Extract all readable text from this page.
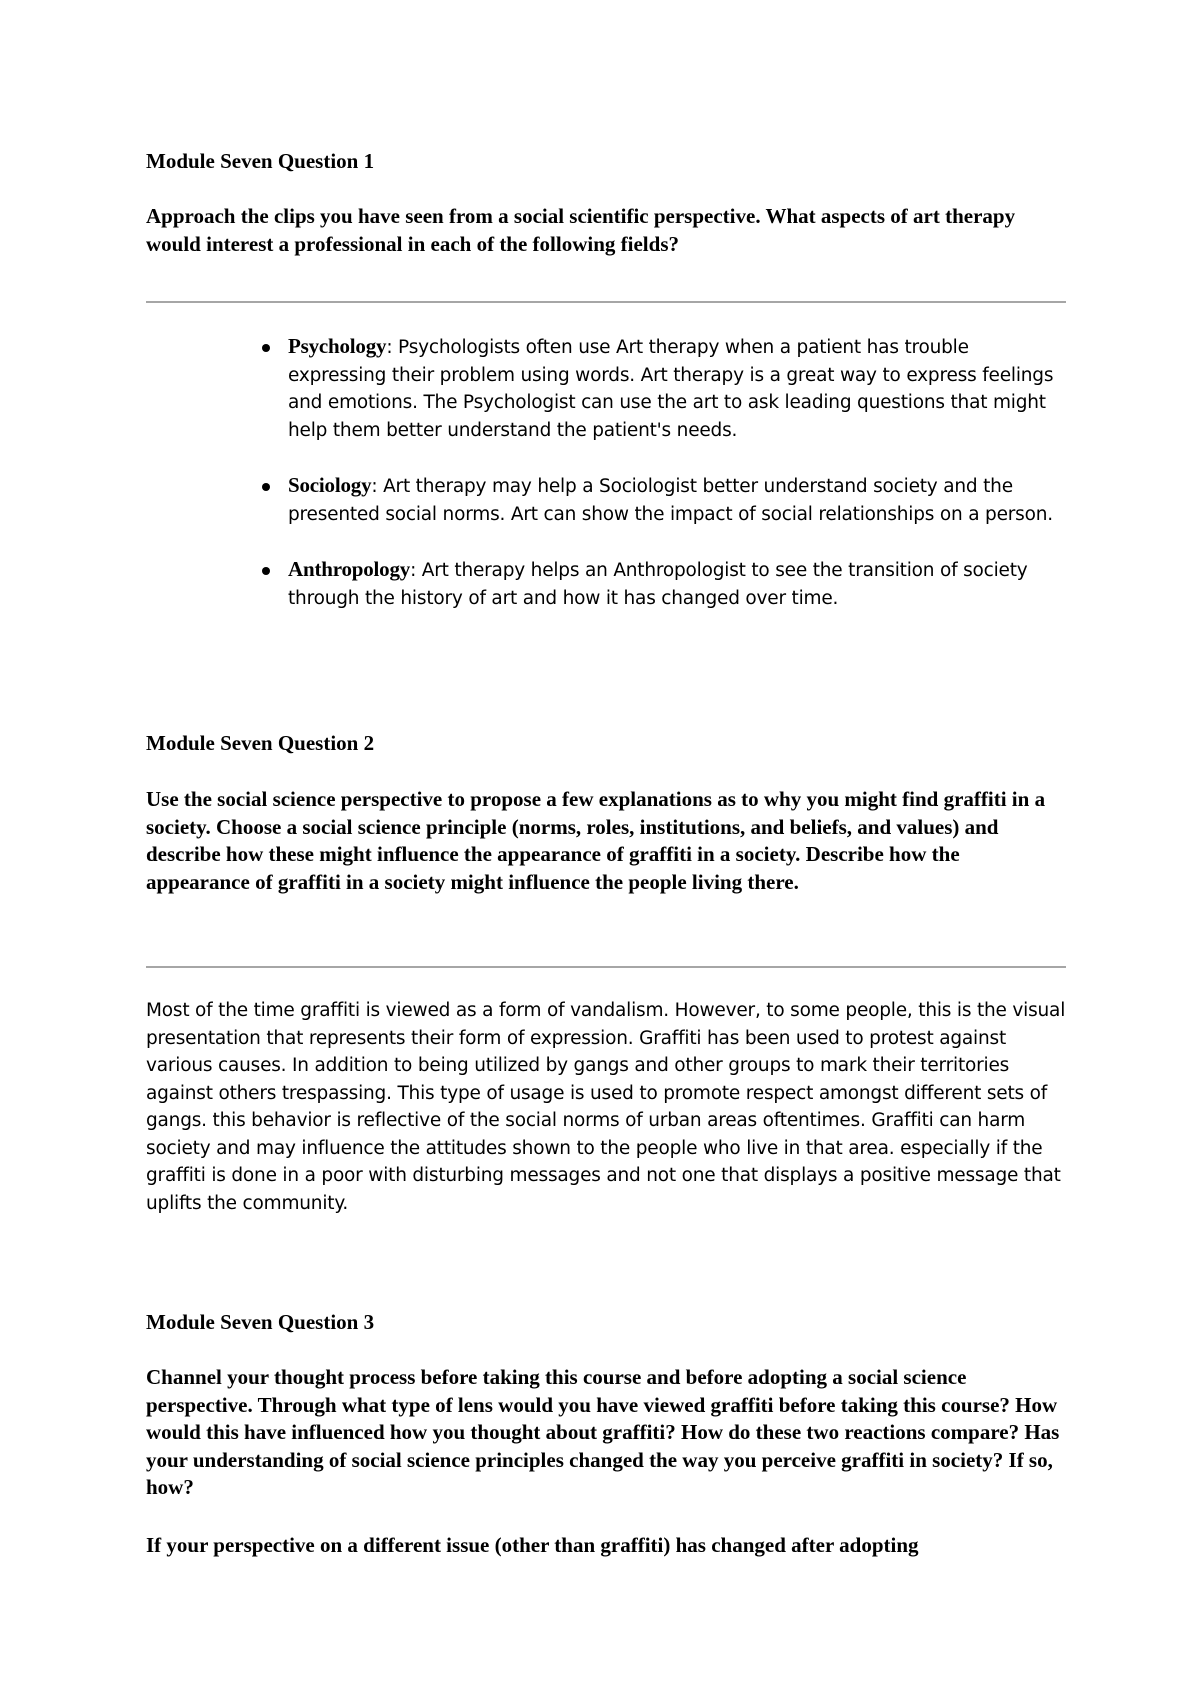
Module Seven Question 1

Approach the clips you have seen from a social scientific perspective. What aspects of art therapy would interest a professional in each of the following fields?

Psychology: Psychologists often use Art therapy when a patient has trouble expressing their problem using words. Art therapy is a great way to express feelings and emotions. The Psychologist can use the art to ask leading questions that might help them better understand the patient's needs.
Sociology: Art therapy may help a Sociologist better understand society and the presented social norms. Art can show the impact of social relationships on a person.
Anthropology: Art therapy helps an Anthropologist to see the transition of society through the history of art and how it has changed over time.
Module Seven Question 2

Use the social science perspective to propose a few explanations as to why you might find graffiti in a society. Choose a social science principle (norms, roles, institutions, and beliefs, and values) and describe how these might influence the appearance of graffiti in a society. Describe how the appearance of graffiti in a society might influence the people living there.

Most of the time graffiti is viewed as a form of vandalism. However, to some people, this is the visual presentation that represents their form of expression. Graffiti has been used to protest against various causes. In addition to being utilized by gangs and other groups to mark their territories against others trespassing. This type of usage is used to promote respect amongst different sets of gangs. this behavior is reflective of the social norms of urban areas oftentimes. Graffiti can harm society and may influence the attitudes shown to the people who live in that area. especially if the graffiti is done in a poor with disturbing messages and not one that displays a positive message that uplifts the community.

Module Seven Question 3

Channel your thought process before taking this course and before adopting a social science perspective. Through what type of lens would you have viewed graffiti before taking this course? How would this have influenced how you thought about graffiti? How do these two reactions compare? Has your understanding of social science principles changed the way you perceive graffiti in society? If so, how?

If your perspective on a different issue (other than graffiti) has changed after adopting
